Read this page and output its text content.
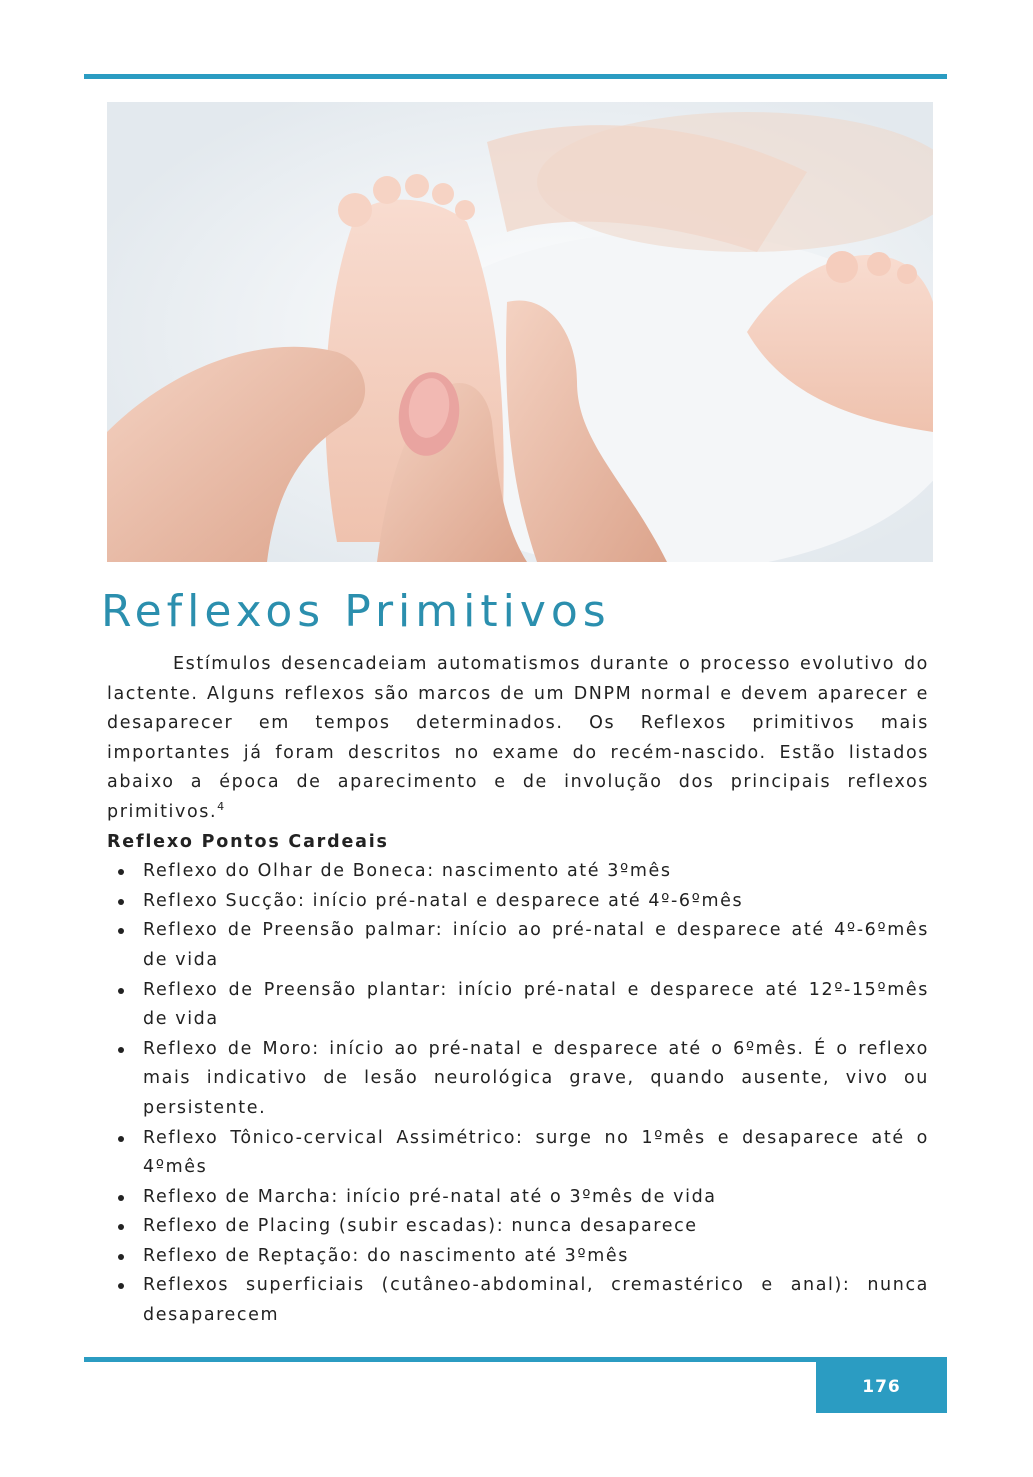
Reflexos Primitivos

Estímulos desencadeiam automatismos durante o processo evolutivo do lactente. Alguns reflexos são marcos de um DNPM normal e devem aparecer e desaparecer em tempos determinados. Os Reflexos primitivos mais importantes já foram descritos no exame do recém-nascido. Estão listados abaixo a época de aparecimento e de involução dos principais reflexos primitivos.$^4$

Reflexo Pontos Cardeais

Reflexo do Olhar de Boneca: nascimento até 3ºmês
Reflexo Sucção: início pré-natal e desparece até 4º-6ºmês
Reflexo de Preensão palmar: início ao pré-natal e desparece até 4º-6ºmês de vida
Reflexo de Preensão plantar: início pré-natal e desparece até 12º-15ºmês de vida
Reflexo de Moro: início ao pré-natal e desparece até o 6ºmês. É o reflexo mais indicativo de lesão neurológica grave, quando ausente, vivo ou persistente.
Reflexo Tônico-cervical Assimétrico: surge no 1ºmês e desaparece até o 4ºmês
Reflexo de Marcha: início pré-natal até o 3ºmês de vida
Reflexo de Placing (subir escadas): nunca desaparece
Reflexo de Reptação: do nascimento até 3ºmês
Reflexos superficiais (cutâneo-abdominal, cremastérico e anal): nunca desaparecem
176
